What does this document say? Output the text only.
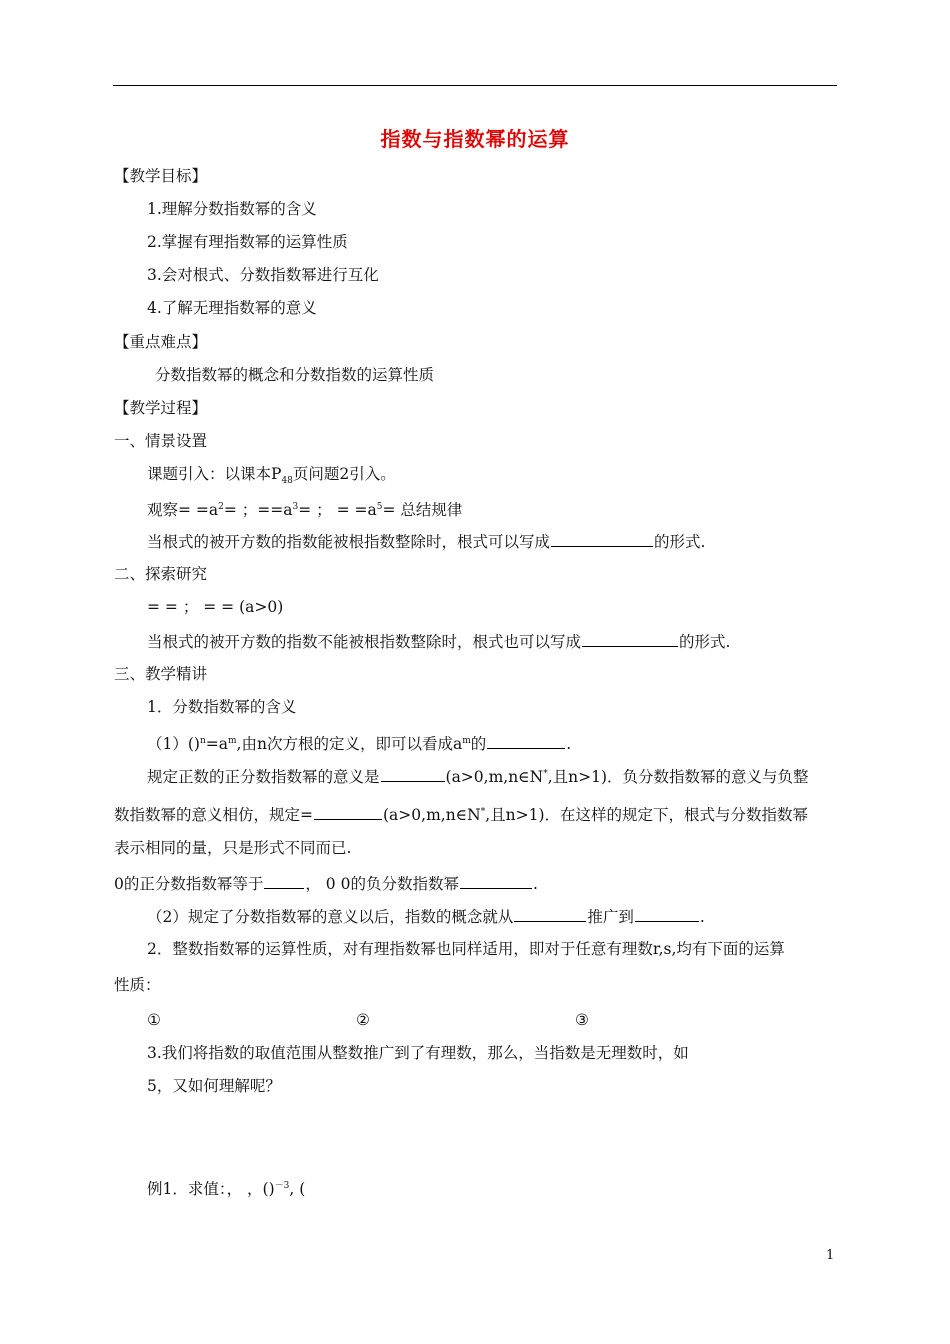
指数与指数幂的运算
【教学目标】
1.理解分数指数幂的含义
2.掌握有理指数幂的运算性质
3.会对根式、分数指数幂进行互化
4.了解无理指数幂的意义
【重点难点】
分数指数幂的概念和分数指数的运算性质
【教学过程】
一、情景设置
课题引入：以课本$P_{48}$页问题2引入。
观察= $=a^2=$ ；$==a^3=$ ； = $=a^5=$ 总结规律
当根式的被开方数的指数能被根指数整除时，根式可以写成	的形式.
二、探索研究
= = ； = = (a>0)
当根式的被开方数的指数不能被根指数整除时，根式也可以写成	的形式.
三、教学精讲
1．分数指数幂的含义
$(1)()^n=a^m$,由n次方根的定义，即可以看成$a^m$的	.
规定正数的正分数指数幂的意义是	(a>0,m,n∈N*,且n>1)．负分数指数幂的意义与负整
数指数幂的意义相仿，规定=	(a>0,m,n∈N*,且n>1)．在这样的规定下，根式与分数指数幂
表示相同的量，只是形式不同而已.
0的正分数指数幂等于	， 0 0的负分数指数幂	.
（2）规定了分数指数幂的意义以后，指数的概念就从	推广到	.
2．整数指数幂的运算性质，对有理指数幂也同样适用，即对于任意有理数r,s,均有下面的运算
性质：
①	②	③
3.我们将指数的取值范围从整数推广到了有理数，那么，当指数是无理数时，如
5，又如何理解呢？
例1．求值：， ，()$^{-3}$, (
1
